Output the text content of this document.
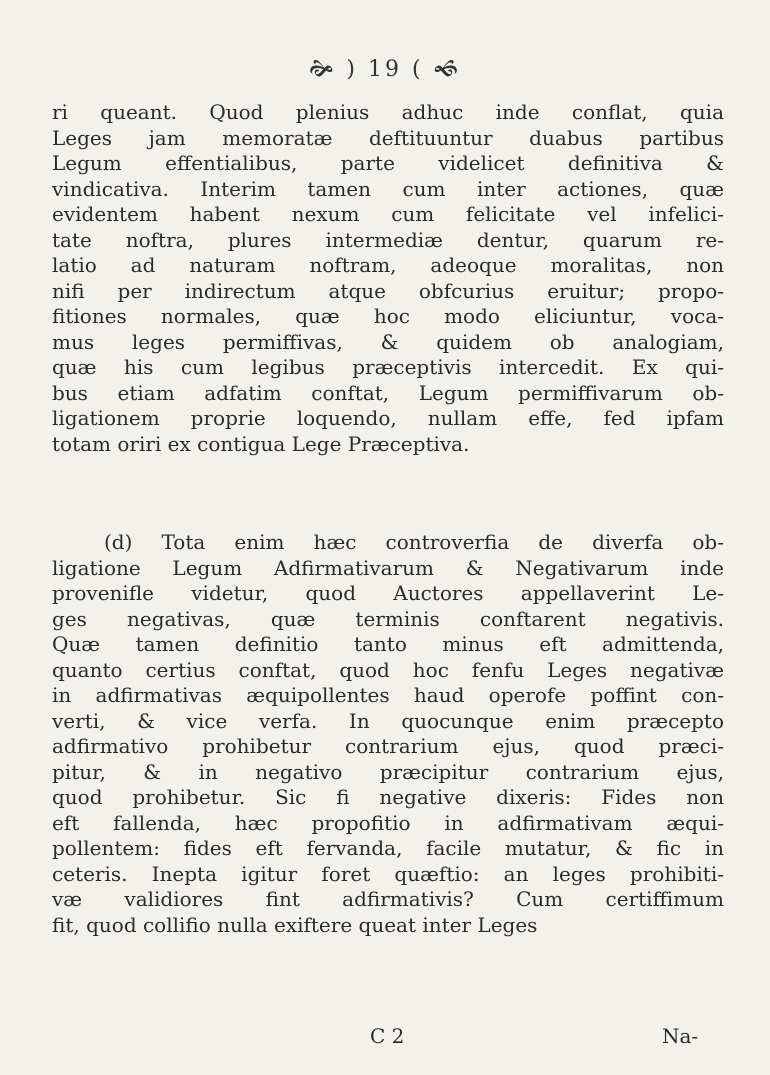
🙞 ) 19 ( 🙜
ri queant. Quod plenius adhuc inde conflat, quia
Leges jam memoratæ deftituuntur duabus partibus
Legum effentialibus, parte videlicet definitiva &
vindicativa. Interim tamen cum inter actiones, quæ
evidentem habent nexum cum felicitate vel infelici-
tate noftra, plures intermediæ dentur, quarum re-
latio ad naturam noftram, adeoque moralitas, non
nifi per indirectum atque obfcurius eruitur; propo-
fitiones normales, quæ hoc modo eliciuntur, voca-
mus leges permiffivas, & quidem ob analogiam,
quæ his cum legibus præceptivis intercedit. Ex qui-
bus etiam adfatim conftat, Legum permiffivarum ob-
ligationem proprie loquendo, nullam effe, fed ipfam
totam oriri ex contigua Lege Præceptiva.
(d) Tota enim hæc controverfia de diverfa ob-
ligatione Legum Adfirmativarum & Negativarum inde
provenifle videtur, quod Auctores appellaverint Le-
ges negativas, quæ terminis conftarent negativis.
Quæ tamen definitio tanto minus eft admittenda,
quanto certius conftat, quod hoc fenfu Leges negativæ
in adfirmativas æquipollentes haud operofe poffint con-
verti, & vice verfa. In quocunque enim præcepto
adfirmativo prohibetur contrarium ejus, quod præci-
pitur, & in negativo præcipitur contrarium ejus,
quod prohibetur. Sic fi negative dixeris: Fides non
eft fallenda, hæc propofitio in adfirmativam æqui-
pollentem: fides eft fervanda, facile mutatur, & fic in
ceteris. Inepta igitur foret quæftio: an leges prohibiti-
væ validiores fint adfirmativis? Cum certiffimum
fit, quod collifio nulla exiftere queat inter Leges
C 2	Na-
